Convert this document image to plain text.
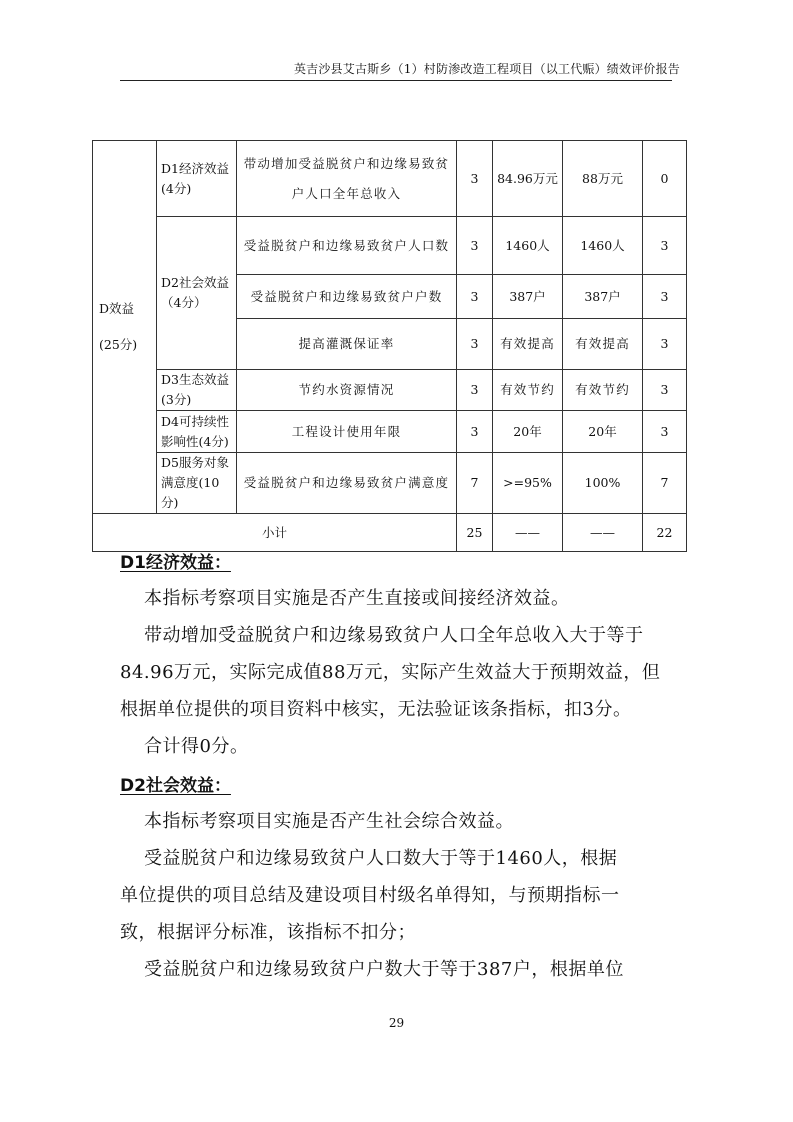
英吉沙县艾古斯乡（1）村防渗改造工程项目（以工代赈）绩效评价报告
D效益(25分)	D1经济效益(4分)	带动增加受益脱贫户和边缘易致贫户人口全年总收入	3	84.96万元	88万元	0
	D2社会效益（4分）	受益脱贫户和边缘易致贫户人口数	3	1460人	1460人	3
		受益脱贫户和边缘易致贫户户数	3	387户	387户	3
		提高灌溉保证率	3	有效提高	有效提高	3
	D3生态效益(3分)	节约水资源情况	3	有效节约	有效节约	3
	D4可持续性影响性(4分)	工程设计使用年限	3	20年	20年	3
	D5服务对象满意度(10分)	受益脱贫户和边缘易致贫户满意度	7	>=95%	100%	7
小计			25	——	——	22
D1经济效益：
本指标考察项目实施是否产生直接或间接经济效益。
带动增加受益脱贫户和边缘易致贫户人口全年总收入大于等于
84.96万元，实际完成值88万元，实际产生效益大于预期效益，但
根据单位提供的项目资料中核实，无法验证该条指标，扣3分。
合计得0分。
D2社会效益：
本指标考察项目实施是否产生社会综合效益。
受益脱贫户和边缘易致贫户人口数大于等于1460人，根据
单位提供的项目总结及建设项目村级名单得知，与预期指标一
致，根据评分标准，该指标不扣分；
受益脱贫户和边缘易致贫户户数大于等于387户，根据单位
29
